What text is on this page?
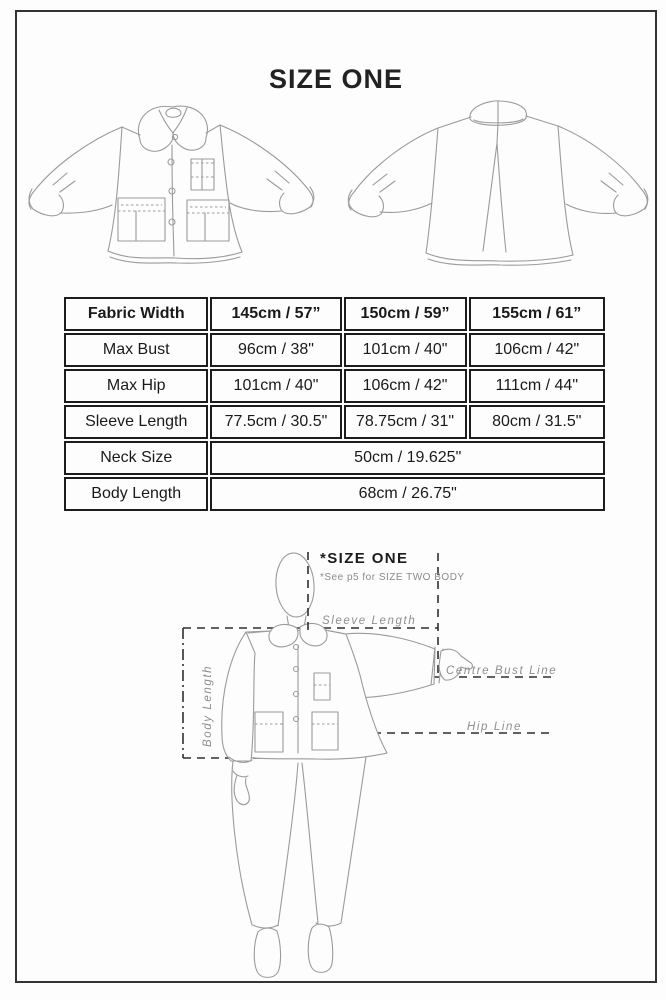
SIZE ONE
Fabric Width	145cm / 57”	150cm / 59”	155cm / 61”
Max Bust	96cm / 38"	101cm / 40"	106cm / 42"
Max Hip	101cm / 40"	106cm / 42"	111cm / 44"
Sleeve Length	77.5cm / 30.5"	78.75cm / 31"	80cm / 31.5"
Neck Size	50cm / 19.625"		
Body Length	68cm / 26.75"		
*SIZE ONE
*See p5 for SIZE TWO BODY
Sleeve Length
Centre Bust Line
Hip Line
Body Length
